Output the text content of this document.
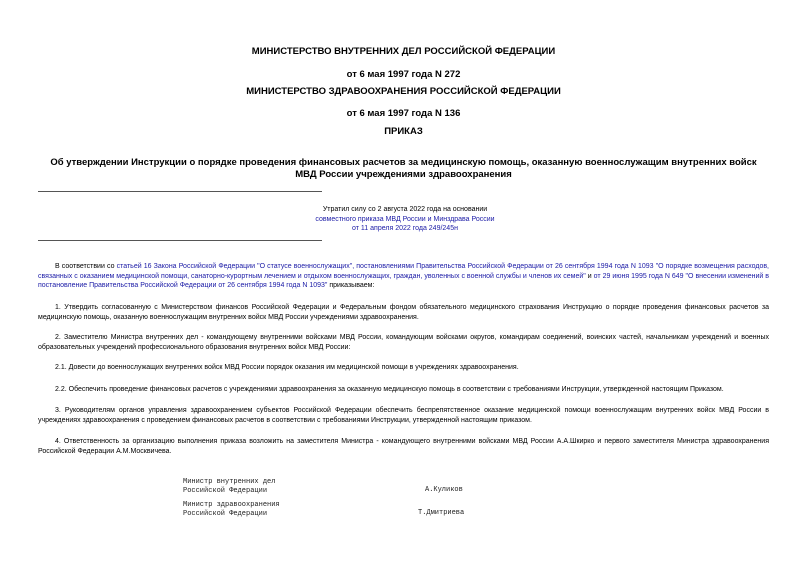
МИНИСТЕРСТВО ВНУТРЕННИХ ДЕЛ РОССИЙСКОЙ ФЕДЕРАЦИИ
от 6 мая 1997 года N 272
МИНИСТЕРСТВО ЗДРАВООХРАНЕНИЯ РОССИЙСКОЙ ФЕДЕРАЦИИ
от 6 мая 1997 года N 136
ПРИКАЗ
Об утверждении Инструкции о порядке проведения финансовых расчетов за медицинскую помощь, оказанную военнослужащим внутренних войск МВД России учреждениями здравоохранения
Утратил силу со 2 августа 2022 года на основании
совместного приказа МВД России и Минздрава России
от 11 апреля 2022 года 249/245н
В соответствии со статьей 16 Закона Российской Федерации "О статусе военнослужащих", постановлениями Правительства Российской Федерации от 26 сентября 1994 года N 1093 "О порядке возмещения расходов, связанных с оказанием медицинской помощи, санаторно-курортным лечением и отдыхом военнослужащих, граждан, уволенных с военной службы и членов их семей" и от 29 июня 1995 года N 649 "О внесении изменений в постановление Правительства Российской Федерации от 26 сентября 1994 года N 1093" приказываем:
1. Утвердить согласованную с Министерством финансов Российской Федерации и Федеральным фондом обязательного медицинского страхования Инструкцию о порядке проведения финансовых расчетов за медицинскую помощь, оказанную военнослужащим внутренних войск МВД России учреждениями здравоохранения.
2. Заместителю Министра внутренних дел - командующему внутренними войсками МВД России, командующим войсками округов, командирам соединений, воинских частей, начальникам учреждений и военных образовательных учреждений профессионального образования внутренних войск МВД России:
2.1. Довести до военнослужащих внутренних войск МВД России порядок оказания им медицинской помощи в учреждениях здравоохранения.
2.2. Обеспечить проведение финансовых расчетов с учреждениями здравоохранения за оказанную медицинскую помощь в соответствии с требованиями Инструкции, утвержденной настоящим Приказом.
3. Руководителям органов управления здравоохранением субъектов Российской Федерации обеспечить беспрепятственное оказание медицинской помощи военнослужащим внутренних войск МВД России в учреждениях здравоохранения с проведением финансовых расчетов в соответствии с требованиями Инструкции, утвержденной настоящим приказом.
4. Ответственность за организацию выполнения приказа возложить на заместителя Министра - командующего внутренними войсками МВД России А.А.Шкирко и первого заместителя Министра здравоохранения Российской Федерации А.М.Москвичева.
Министр внутренних дел
Российской Федерации	А.Куликов
Министр здравоохранения
Российской Федерации	Т.Дмитриева
